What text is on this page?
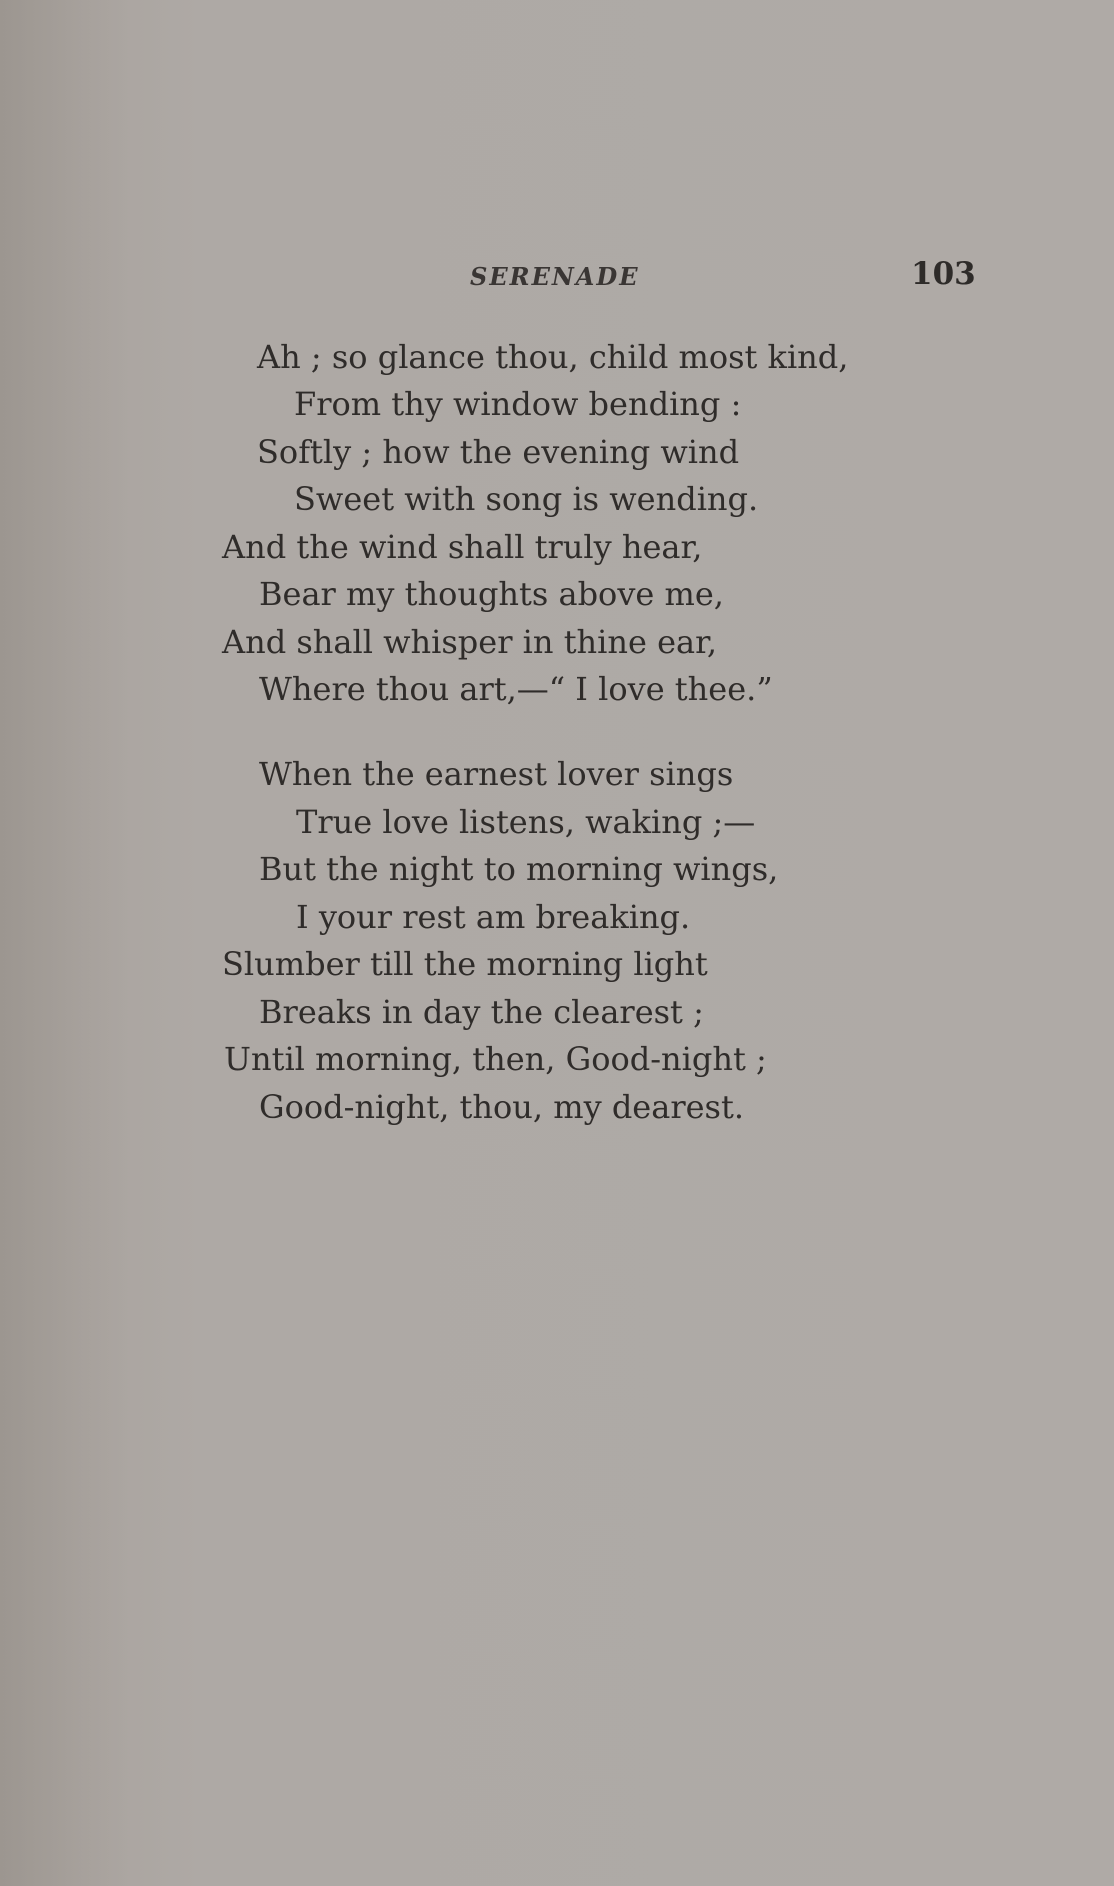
SERENADE	103
Ah ; so glance thou, child most kind,
From thy window bending :
Softly ; how the evening wind
Sweet with song is wending.
And the wind shall truly hear,
Bear my thoughts above me,
And shall whisper in thine ear,
Where thou art,—“ I love thee.”
When the earnest lover sings
True love listens, waking ;—
But the night to morning wings,
I your rest am breaking.
Slumber till the morning light
Breaks in day the clearest ;
Until morning, then, Good-night ;
Good-night, thou, my dearest.
